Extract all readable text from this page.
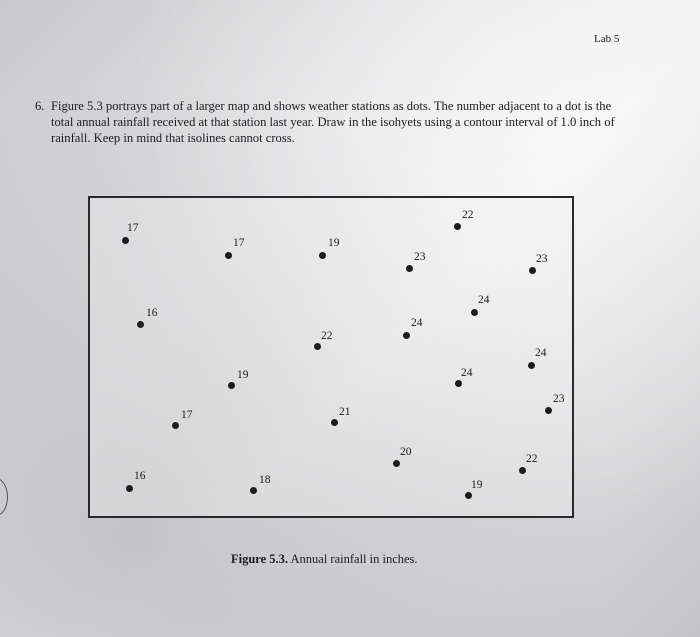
Lab 5
6. Figure 5.3 portrays part of a larger map and shows weather stations as dots. The number adjacent to a dot is the total annual rainfall received at that station last year. Draw in the isohyets using a contour interval of 1.0 inch of rainfall. Keep in mind that isolines cannot cross.

17
17	19
23
22
23
24
16
22
24
24
19	24
17	21
23
20
22
16	18	19
Figure 5.3. Annual rainfall in inches.
